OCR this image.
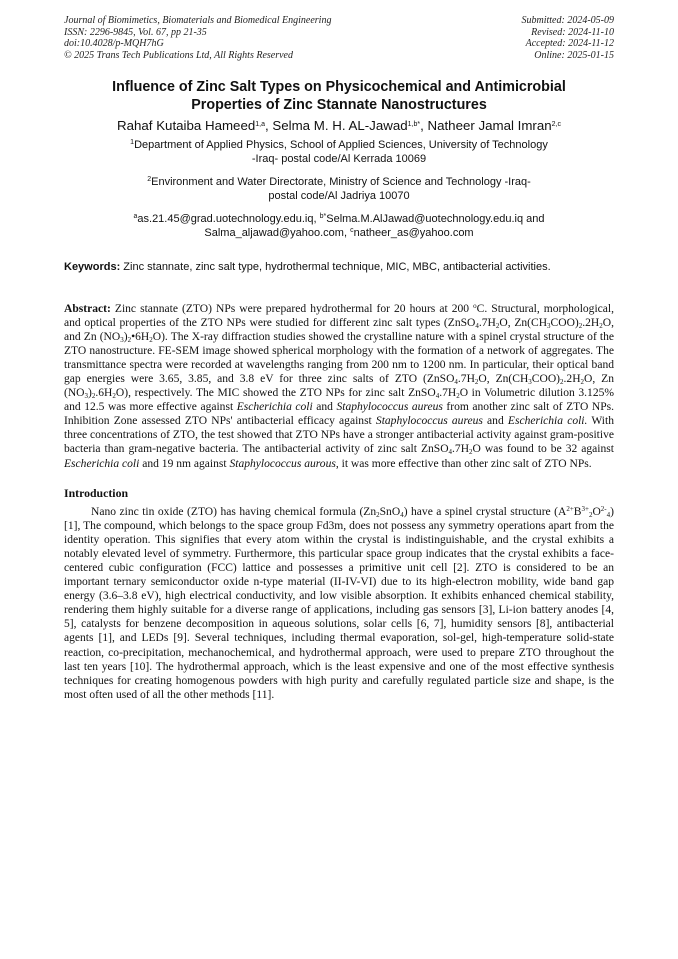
Journal of Biomimetics, Biomaterials and Biomedical Engineering
ISSN: 2296-9845, Vol. 67, pp 21-35
doi:10.4028/p-MQH7hG
© 2025 Trans Tech Publications Ltd, All Rights Reserved
Submitted: 2024-05-09
Revised: 2024-11-10
Accepted: 2024-11-12
Online: 2025-01-15
Influence of Zinc Salt Types on Physicochemical and Antimicrobial
Properties of Zinc Stannate Nanostructures
Rahaf Kutaiba Hameed$^{1,a}$, Selma M. H. AL-Jawad$^{1,b*}$, Natheer Jamal Imran$^{2,c}$
$^1$Department of Applied Physics, School of Applied Sciences, University of Technology
-Iraq- postal code/Al Kerrada 10069
$^2$Environment and Water Directorate, Ministry of Science and Technology -Iraq-
postal code/Al Jadriya 10070
$^a$as.21.45@grad.uotechnology.edu.iq, $^{b*}$Selma.M.AlJawad@uotechnology.edu.iq and
Salma_aljawad@yahoo.com, $^c$natheer_as@yahoo.com
Keywords: Zinc stannate, zinc salt type, hydrothermal technique, MIC, MBC, antibacterial activities.
Abstract: Zinc stannate (ZTO) NPs were prepared hydrothermal for 20 hours at 200 $^o$C. Structural, morphological, and optical properties of the ZTO NPs were studied for different zinc salt types ($ZnSO_4.7H_2O$, $Zn(CH_3COO)_2.2H_2O$, and Zn $(NO_3)_2•6H_2O$). The X-ray diffraction studies showed the crystalline nature with a spinel crystal structure of the ZTO nanostructure. FE-SEM image showed spherical morphology with the formation of a network of aggregates. The transmittance spectra were recorded at wavelengths ranging from 200 nm to 1200 nm. In particular, their optical band gap energies were 3.65, 3.85, and 3.8 eV for three zinc salts of ZTO ($ZnSO_4.7H_2O$, $Zn(CH_3COO)_2.2H_2O$, Zn $(NO_3)_2.6H_2O$), respectively. The MIC showed the ZTO NPs for zinc salt $ZnSO_4.7H_2O$ in Volumetric dilution 3.125% and 12.5 was more effective against Escherichia coli and Staphylococcus aureus from another zinc salt of ZTO NPs. Inhibition Zone assessed ZTO NPs' antibacterial efficacy against Staphylococcus aureus and Escherichia coli. With three concentrations of ZTO, the test showed that ZTO NPs have a stronger antibacterial activity against gram-positive bacteria than gram-negative bacteria. The antibacterial activity of zinc salt $ZnSO_4.7H_2O$ was found to be 32 against Escherichia coli and 19 nm against Staphylococcus aurous, it was more effective than other zinc salt of ZTO NPs.
Introduction
Nano zinc tin oxide (ZTO) has having chemical formula $(Zn_2SnO_4)$ have a spinel crystal structure $(A^{2+}B^{3+}_2O^{2-}_4)$ [1], The compound, which belongs to the space group Fd3m, does not possess any symmetry operations apart from the identity operation. This signifies that every atom within the crystal is indistinguishable, and the crystal exhibits a notably elevated level of symmetry. Furthermore, this particular space group indicates that the crystal exhibits a face-centered cubic configuration (FCC) lattice and possesses a primitive unit cell [2]. ZTO is considered to be an important ternary semiconductor oxide n-type material (II-IV-VI) due to its high-electron mobility, wide band gap energy (3.6–3.8 eV), high electrical conductivity, and low visible absorption. It exhibits enhanced chemical stability, rendering them highly suitable for a diverse range of applications, including gas sensors [3], Li-ion battery anodes [4, 5], catalysts for benzene decomposition in aqueous solutions, solar cells [6, 7], humidity sensors [8], antibacterial agents [1], and LEDs [9]. Several techniques, including thermal evaporation, sol-gel, high-temperature solid-state reaction, co-precipitation, mechanochemical, and hydrothermal approach, were used to prepare ZTO throughout the last ten years [10]. The hydrothermal approach, which is the least expensive and one of the most effective synthesis techniques for creating homogenous powders with high purity and carefully regulated particle size and shape, is the most often used of all the other methods [11].
